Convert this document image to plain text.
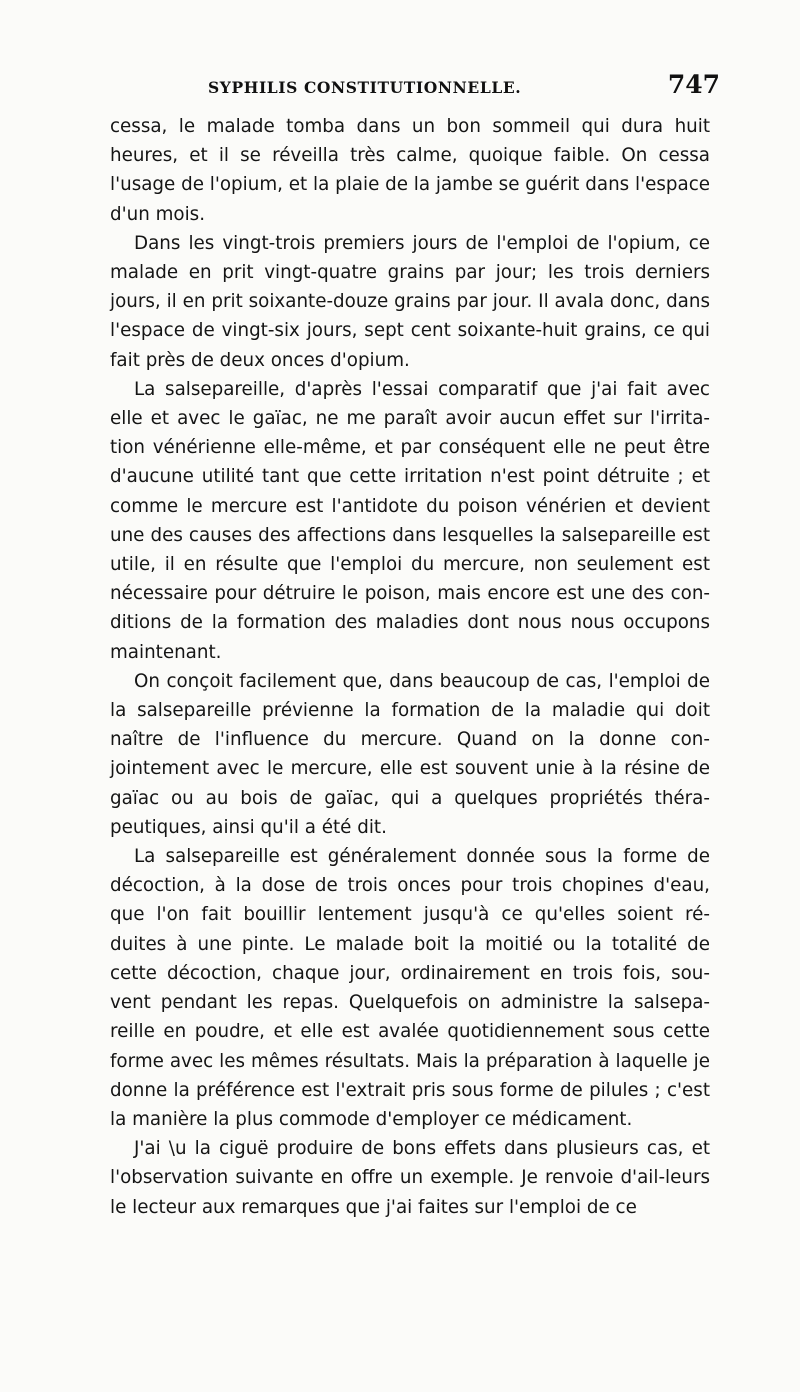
SYPHILIS CONSTITUTIONNELLE.	747

cessa, le malade tomba dans un bon sommeil qui dura huit heures, et il se réveilla très calme, quoique faible. On cessa l'usage de l'opium, et la plaie de la jambe se guérit dans l'espace d'un mois.

Dans les vingt-trois premiers jours de l'emploi de l'opium, ce malade en prit vingt-quatre grains par jour; les trois derniers jours, il en prit soixante-douze grains par jour. Il avala donc, dans l'espace de vingt-six jours, sept cent soixante-huit grains, ce qui fait près de deux onces d'opium.

La salsepareille, d'après l'essai comparatif que j'ai fait avec elle et avec le gaïac, ne me paraît avoir aucun effet sur l'irrita-tion vénérienne elle-même, et par conséquent elle ne peut être d'aucune utilité tant que cette irritation n'est point détruite ; et comme le mercure est l'antidote du poison vénérien et devient une des causes des affections dans lesquelles la salsepareille est utile, il en résulte que l'emploi du mercure, non seulement est nécessaire pour détruire le poison, mais encore est une des con-ditions de la formation des maladies dont nous nous occupons maintenant.

On conçoit facilement que, dans beaucoup de cas, l'emploi de la salsepareille prévienne la formation de la maladie qui doit naître de l'influence du mercure. Quand on la donne con-jointement avec le mercure, elle est souvent unie à la résine de gaïac ou au bois de gaïac, qui a quelques propriétés théra-peutiques, ainsi qu'il a été dit.

La salsepareille est généralement donnée sous la forme de décoction, à la dose de trois onces pour trois chopines d'eau, que l'on fait bouillir lentement jusqu'à ce qu'elles soient ré-duites à une pinte. Le malade boit la moitié ou la totalité de cette décoction, chaque jour, ordinairement en trois fois, sou-vent pendant les repas. Quelquefois on administre la salsepa-reille en poudre, et elle est avalée quotidiennement sous cette forme avec les mêmes résultats. Mais la préparation à laquelle je donne la préférence est l'extrait pris sous forme de pilules ; c'est la manière la plus commode d'employer ce médicament.

J'ai \u la ciguë produire de bons effets dans plusieurs cas, et l'observation suivante en offre un exemple. Je renvoie d'ail-leurs le lecteur aux remarques que j'ai faites sur l'emploi de ce
